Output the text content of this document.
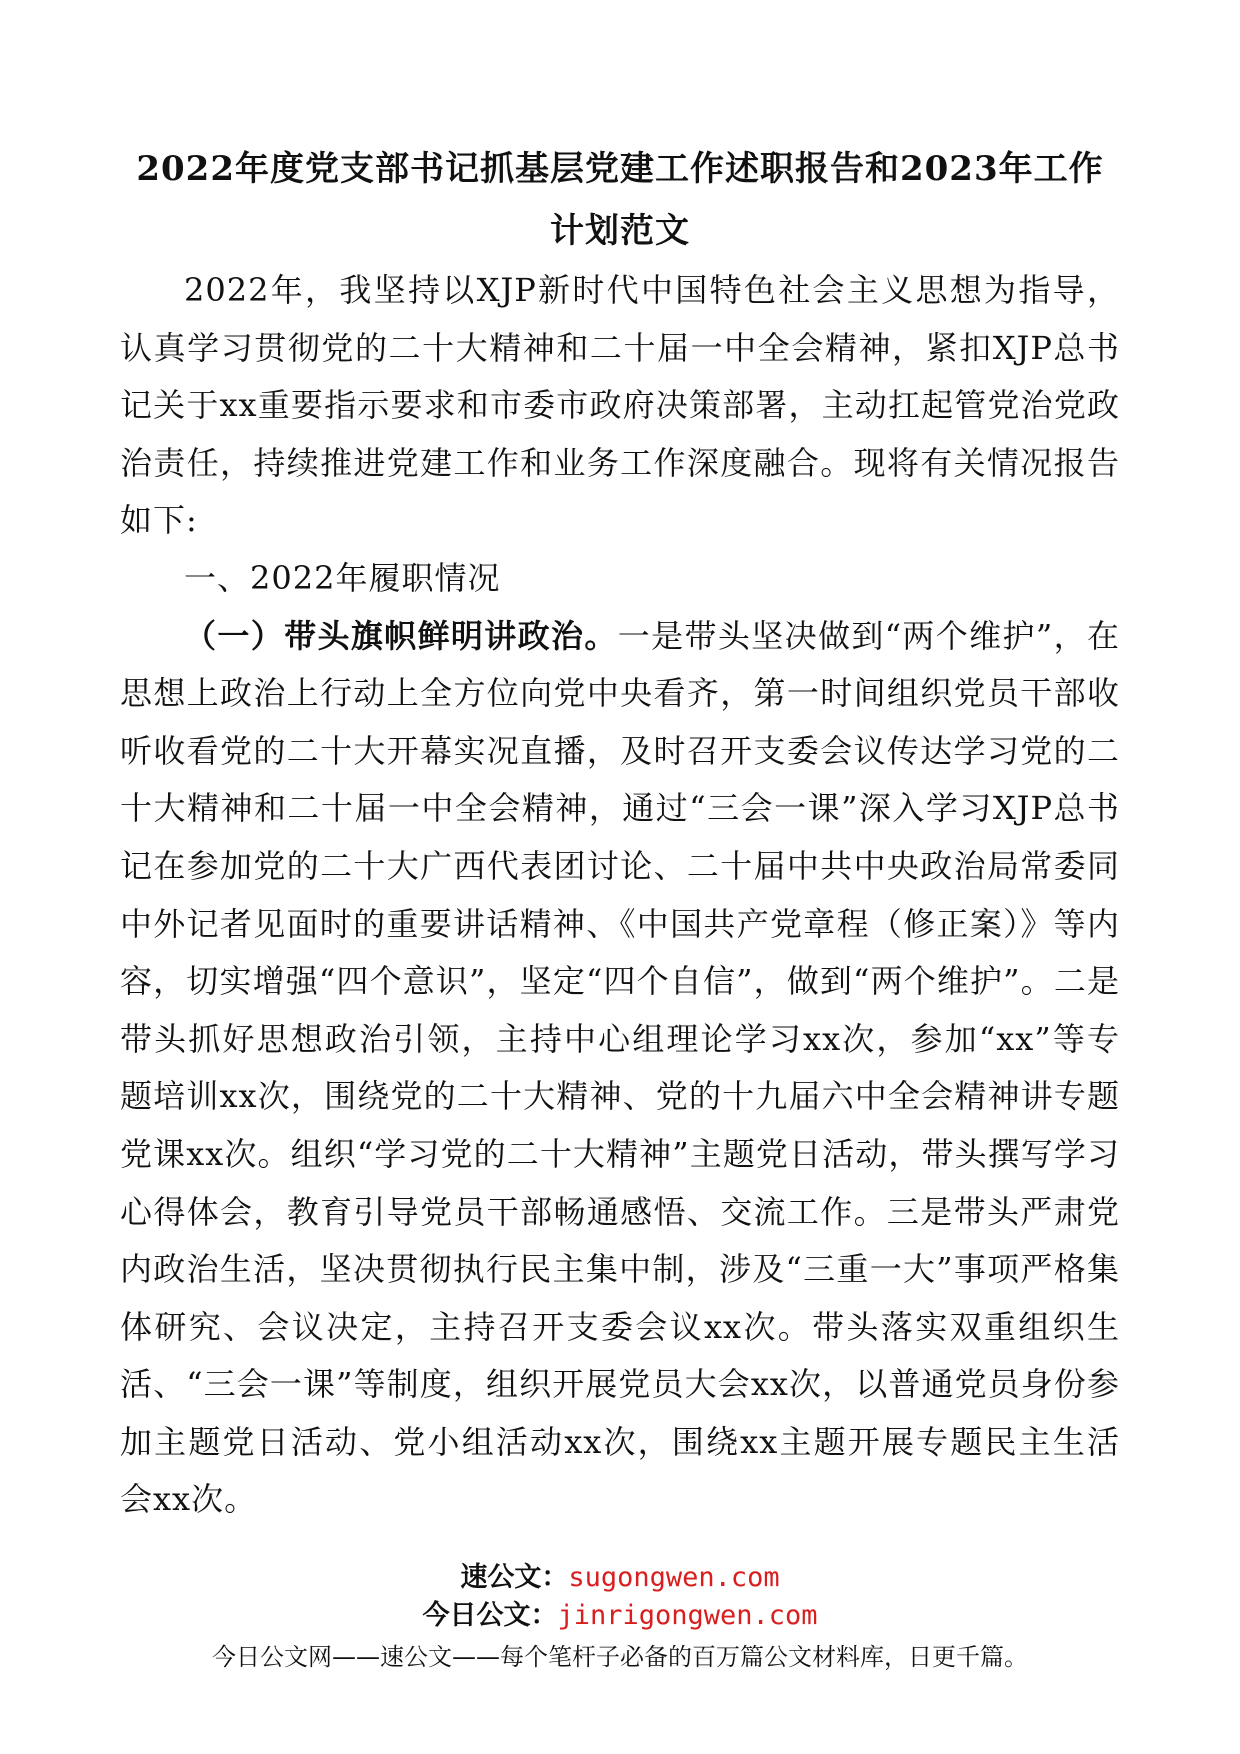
2022年度党支部书记抓基层党建工作述职报告和2023年工作计划范文

2022年，我坚持以XJP新时代中国特色社会主义思想为指导，认真学习贯彻党的二十大精神和二十届一中全会精神，紧扣XJP总书记关于xx重要指示要求和市委市政府决策部署，主动扛起管党治党政治责任，持续推进党建工作和业务工作深度融合。现将有关情况报告如下:

一、2022年履职情况

（一）带头旗帜鲜明讲政治。一是带头坚决做到“两个维护”，在思想上政治上行动上全方位向党中央看齐，第一时间组织党员干部收听收看党的二十大开幕实况直播，及时召开支委会议传达学习党的二十大精神和二十届一中全会精神，通过“三会一课”深入学习XJP总书记在参加党的二十大广西代表团讨论、二十届中共中央政治局常委同中外记者见面时的重要讲话精神、《中国共产党章程（修正案）》等内容，切实增强“四个意识”，坚定“四个自信”，做到“两个维护”。二是带头抓好思想政治引领，主持中心组理论学习xx次，参加“xx”等专题培训xx次，围绕党的二十大精神、党的十九届六中全会精神讲专题党课xx次。组织“学习党的二十大精神”主题党日活动，带头撰写学习心得体会，教育引导党员干部畅通感悟、交流工作。三是带头严肃党内政治生活，坚决贯彻执行民主集中制，涉及“三重一大”事项严格集体研究、会议决定，主持召开支委会议xx次。带头落实双重组织生活、“三会一课”等制度，组织开展党员大会xx次，以普通党员身份参加主题党日活动、党小组活动xx次，围绕xx主题开展专题民主生活会xx次。

速公文：sugongwen.com
今日公文：jinrigongwen.com
今日公文网——速公文——每个笔杆子必备的百万篇公文材料库，日更千篇。
